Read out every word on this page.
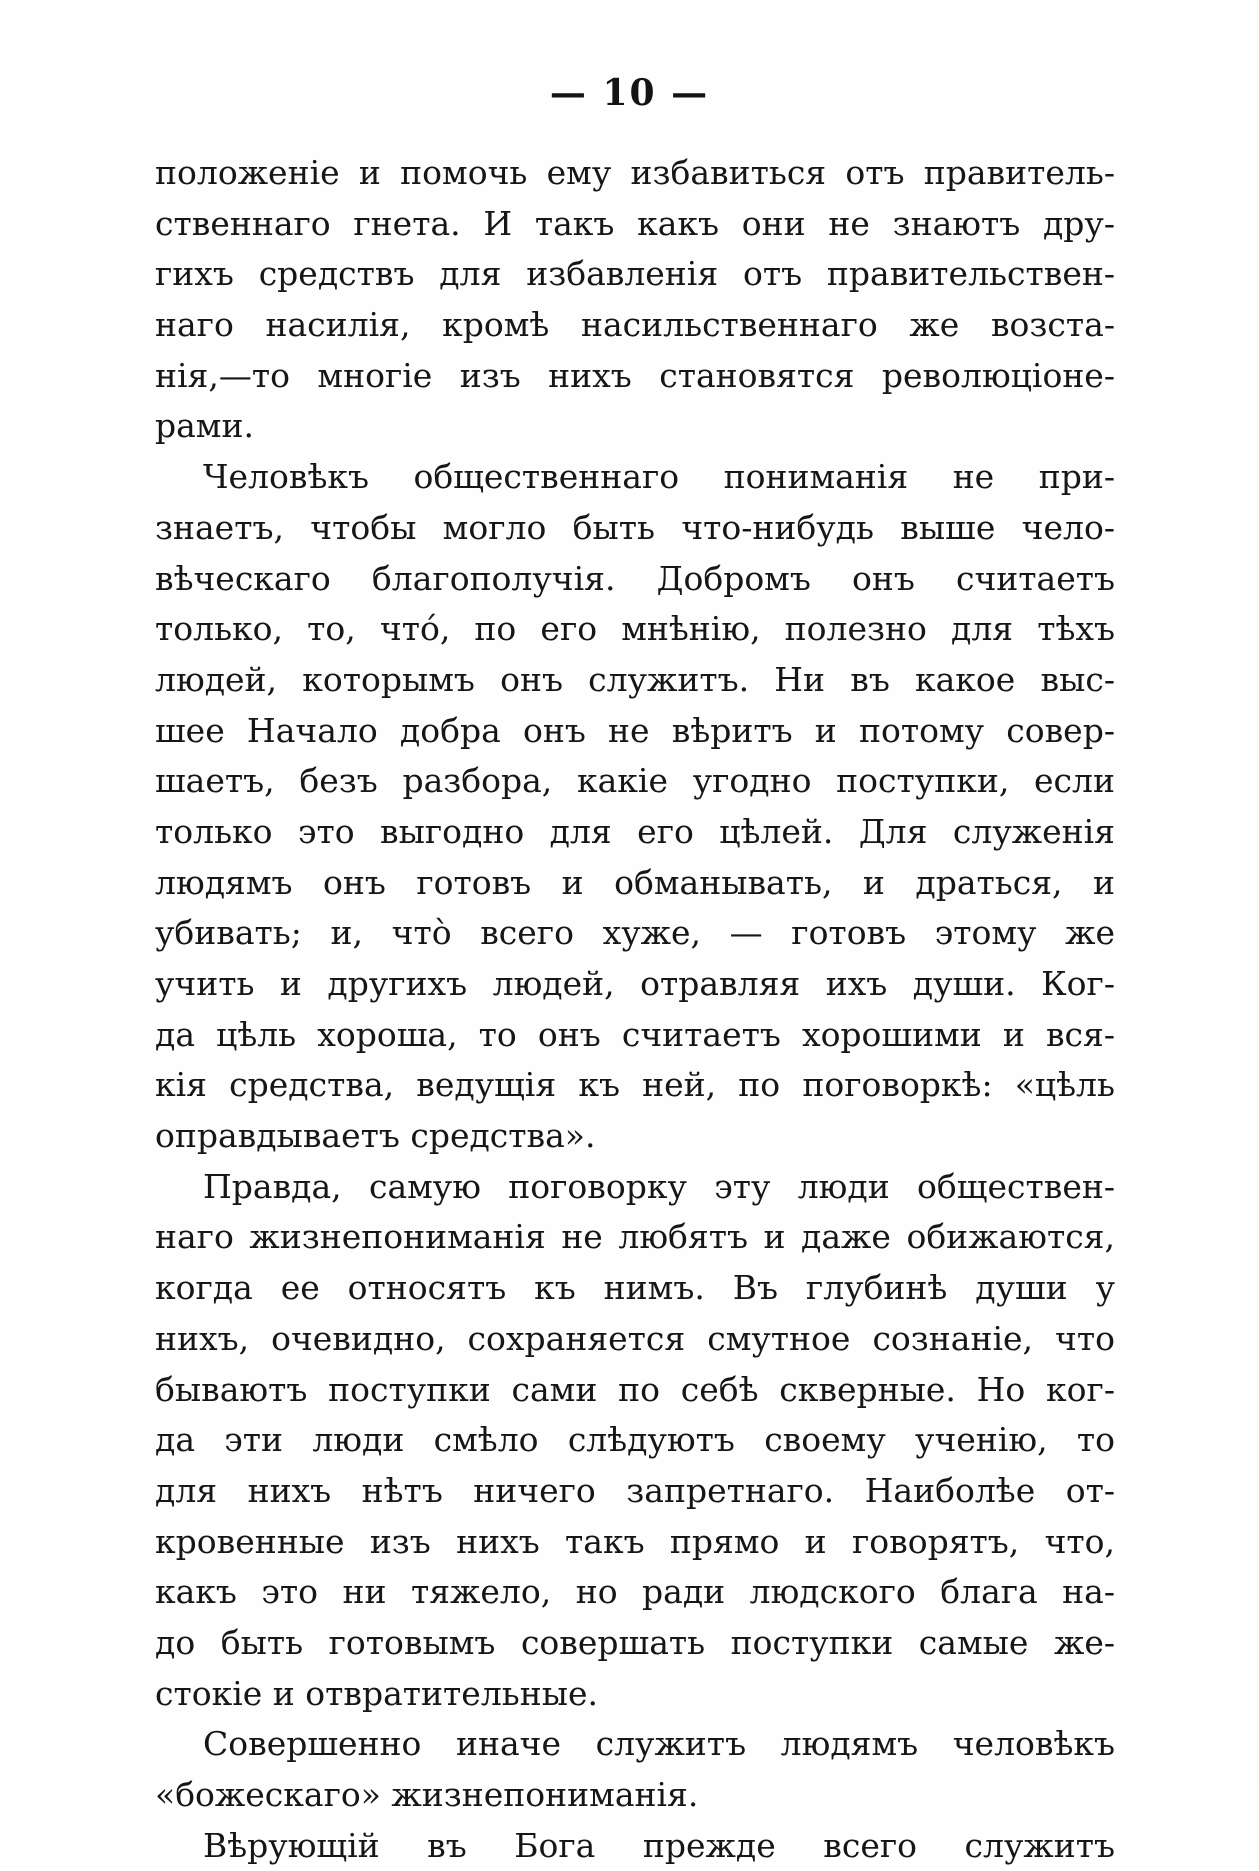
— 10 —
положеніе и помочь ему избавиться отъ правитель-
ственнаго гнета. И такъ какъ они не знаютъ дру-
гихъ средствъ для избавленія отъ правительствен-
наго насилія, кромѣ насильственнаго же возста-
нія,—то многіе изъ нихъ становятся революціоне-
рами.
Человѣкъ общественнаго пониманія не при-
знаетъ, чтобы могло быть что-нибудь выше чело-
вѣческаго благополучія. Добромъ онъ считаетъ
только, то, чтó, по его мнѣнію, полезно для тѣхъ
людей, которымъ онъ служитъ. Ни въ какое выс-
шее Начало добра онъ не вѣритъ и потому совер-
шаетъ, безъ разбора, какіе угодно поступки, если
только это выгодно для его цѣлей. Для служенія
людямъ онъ готовъ и обманывать, и драться, и
убивать; и, чтò всего хуже, — готовъ этому же
учить и другихъ людей, отравляя ихъ души. Ког-
да цѣль хороша, то онъ считаетъ хорошими и вся-
кія средства, ведущія къ ней, по поговоркѣ: «цѣль
оправдываетъ средства».
Правда, самую поговорку эту люди обществен-
наго жизнепониманія не любятъ и даже обижаются,
когда ее относятъ къ нимъ. Въ глубинѣ души у
нихъ, очевидно, сохраняется смутное сознаніе, что
бываютъ поступки сами по себѣ скверные. Но ког-
да эти люди смѣло слѣдуютъ своему ученію, то
для нихъ нѣтъ ничего запретнаго. Наиболѣе от-
кровенные изъ нихъ такъ прямо и говорятъ, что,
какъ это ни тяжело, но ради людского блага на-
до быть готовымъ совершать поступки самые же-
стокіе и отвратительные.
Совершенно иначе служитъ людямъ человѣкъ
«божескаго» жизнепониманія.
Вѣрующій въ Бога прежде всего служитъ
